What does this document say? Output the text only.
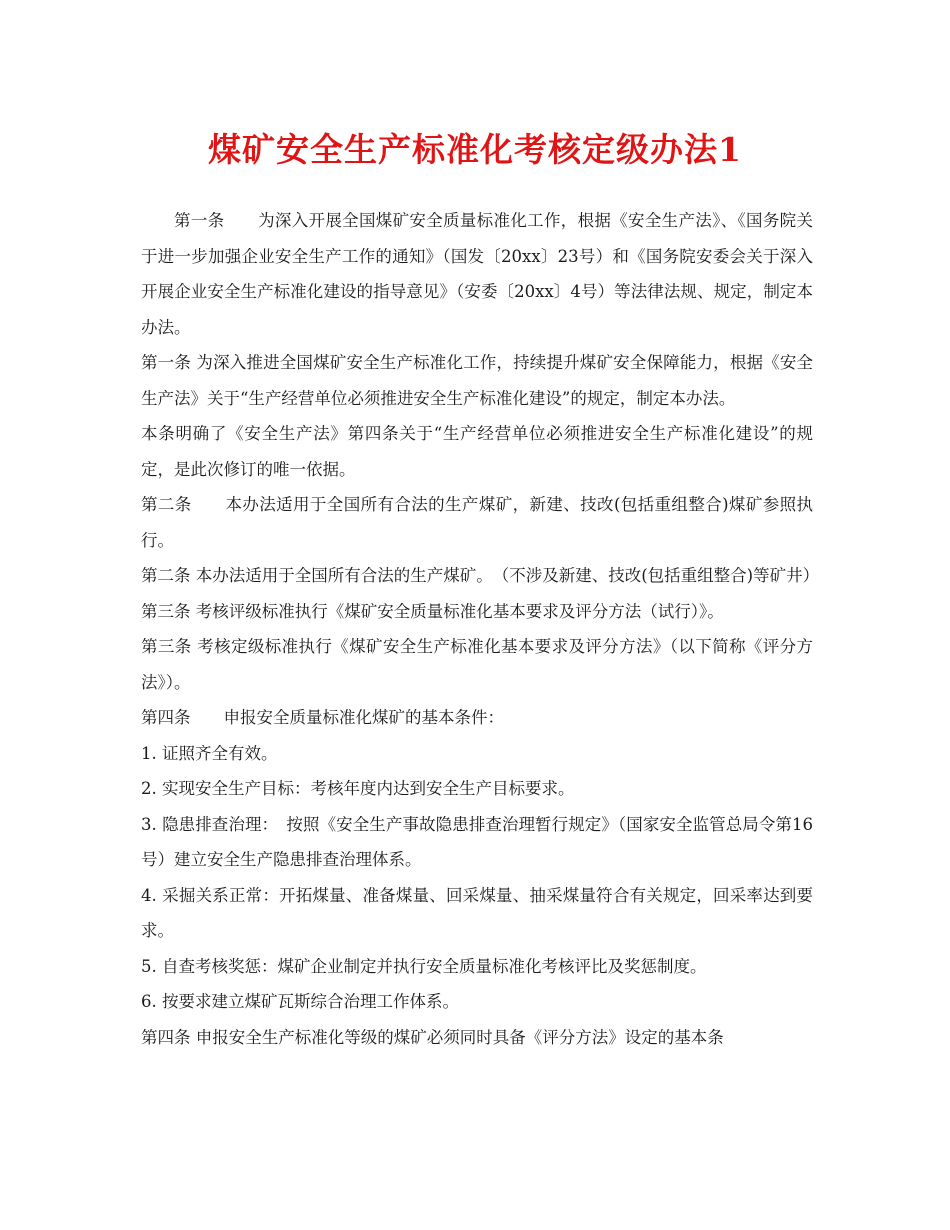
煤矿安全生产标准化考核定级办法1

第一条　　为深入开展全国煤矿安全质量标准化工作，根据《安全生产法》、《国务院关于进一步加强企业安全生产工作的通知》（国发〔20xx〕23号）和《国务院安委会关于深入开展企业安全生产标准化建设的指导意见》（安委〔20xx〕4号）等法律法规、规定，制定本办法。

第一条 为深入推进全国煤矿安全生产标准化工作，持续提升煤矿安全保障能力，根据《安全生产法》关于“生产经营单位必须推进安全生产标准化建设”的规定，制定本办法。

本条明确了《安全生产法》第四条关于“生产经营单位必须推进安全生产标准化建设”的规定，是此次修订的唯一依据。

第二条　　本办法适用于全国所有合法的生产煤矿，新建、技改(包括重组整合)煤矿参照执行。

第二条 本办法适用于全国所有合法的生产煤矿。　（不涉及新建、技改(包括重组整合)等矿井）

第三条 考核评级标准执行《煤矿安全质量标准化基本要求及评分方法（试行）》。

第三条 考核定级标准执行《煤矿安全生产标准化基本要求及评分方法》（以下简称《评分方法》）。

第四条　　申报安全质量标准化煤矿的基本条件：

1. 证照齐全有效。

2. 实现安全生产目标：考核年度内达到安全生产目标要求。

3. 隐患排查治理：　按照《安全生产事故隐患排查治理暂行规定》（国家安全监管总局令第16号）建立安全生产隐患排查治理体系。

4. 采掘关系正常：开拓煤量、准备煤量、回采煤量、抽采煤量符合有关规定，回采率达到要求。

5. 自查考核奖惩：煤矿企业制定并执行安全质量标准化考核评比及奖惩制度。

6. 按要求建立煤矿瓦斯综合治理工作体系。

第四条 申报安全生产标准化等级的煤矿必须同时具备《评分方法》设定的基本条
